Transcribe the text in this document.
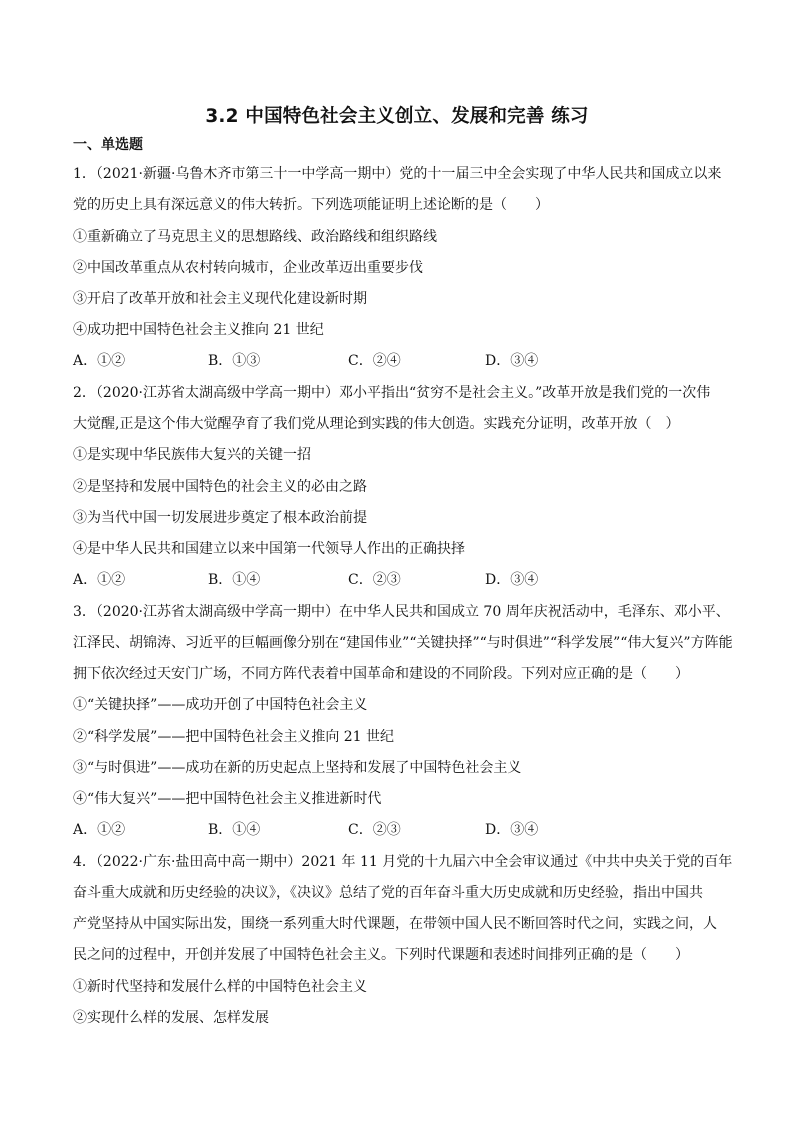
3.2 中国特色社会主义创立、发展和完善 练习
一、单选题
1．（2021·新疆·乌鲁木齐市第三十一中学高一期中）党的十一届三中全会实现了中华人民共和国成立以来
党的历史上具有深远意义的伟大转折。下列选项能证明上述论断的是（　　）
①重新确立了马克思主义的思想路线、政治路线和组织路线
②中国改革重点从农村转向城市，企业改革迈出重要步伐
③开启了改革开放和社会主义现代化建设新时期
④成功把中国特色社会主义推向 21 世纪
A．①②	B．①③	C．②④	D．③④
2．（2020·江苏省太湖高级中学高一期中）邓小平指出“贫穷不是社会主义。”改革开放是我们党的一次伟
大觉醒,正是这个伟大觉醒孕育了我们党从理论到实践的伟大创造。实践充分证明，改革开放（　）
①是实现中华民族伟大复兴的关键一招
②是坚持和发展中国特色的社会主义的必由之路
③为当代中国一切发展进步奠定了根本政治前提
④是中华人民共和国建立以来中国第一代领导人作出的正确抉择
A．①②	B．①④	C．②③	D．③④
3．（2020·江苏省太湖高级中学高一期中）在中华人民共和国成立 70 周年庆祝活动中，毛泽东、邓小平、
江泽民、胡锦涛、习近平的巨幅画像分别在“建国伟业”“关键抉择”“与时俱进”“科学发展”“伟大复兴”方阵能
拥下依次经过天安门广场，不同方阵代表着中国革命和建设的不同阶段。下列对应正确的是（　　）
①“关键抉择”——成功开创了中国特色社会主义
②“科学发展”——把中国特色社会主义推向 21 世纪
③“与时俱进”——成功在新的历史起点上坚持和发展了中国特色社会主义
④“伟大复兴”——把中国特色社会主义推进新时代
A．①②	B．①④	C．②③	D．③④
4．（2022·广东·盐田高中高一期中）2021 年 11 月党的十九届六中全会审议通过《中共中央关于党的百年
奋斗重大成就和历史经验的决议》，《决议》总结了党的百年奋斗重大历史成就和历史经验，指出中国共
产党坚持从中国实际出发，围绕一系列重大时代课题，在带领中国人民不断回答时代之问，实践之问，人
民之问的过程中，开创并发展了中国特色社会主义。下列时代课题和表述时间排列正确的是（　　）
①新时代坚持和发展什么样的中国特色社会主义
②实现什么样的发展、怎样发展
